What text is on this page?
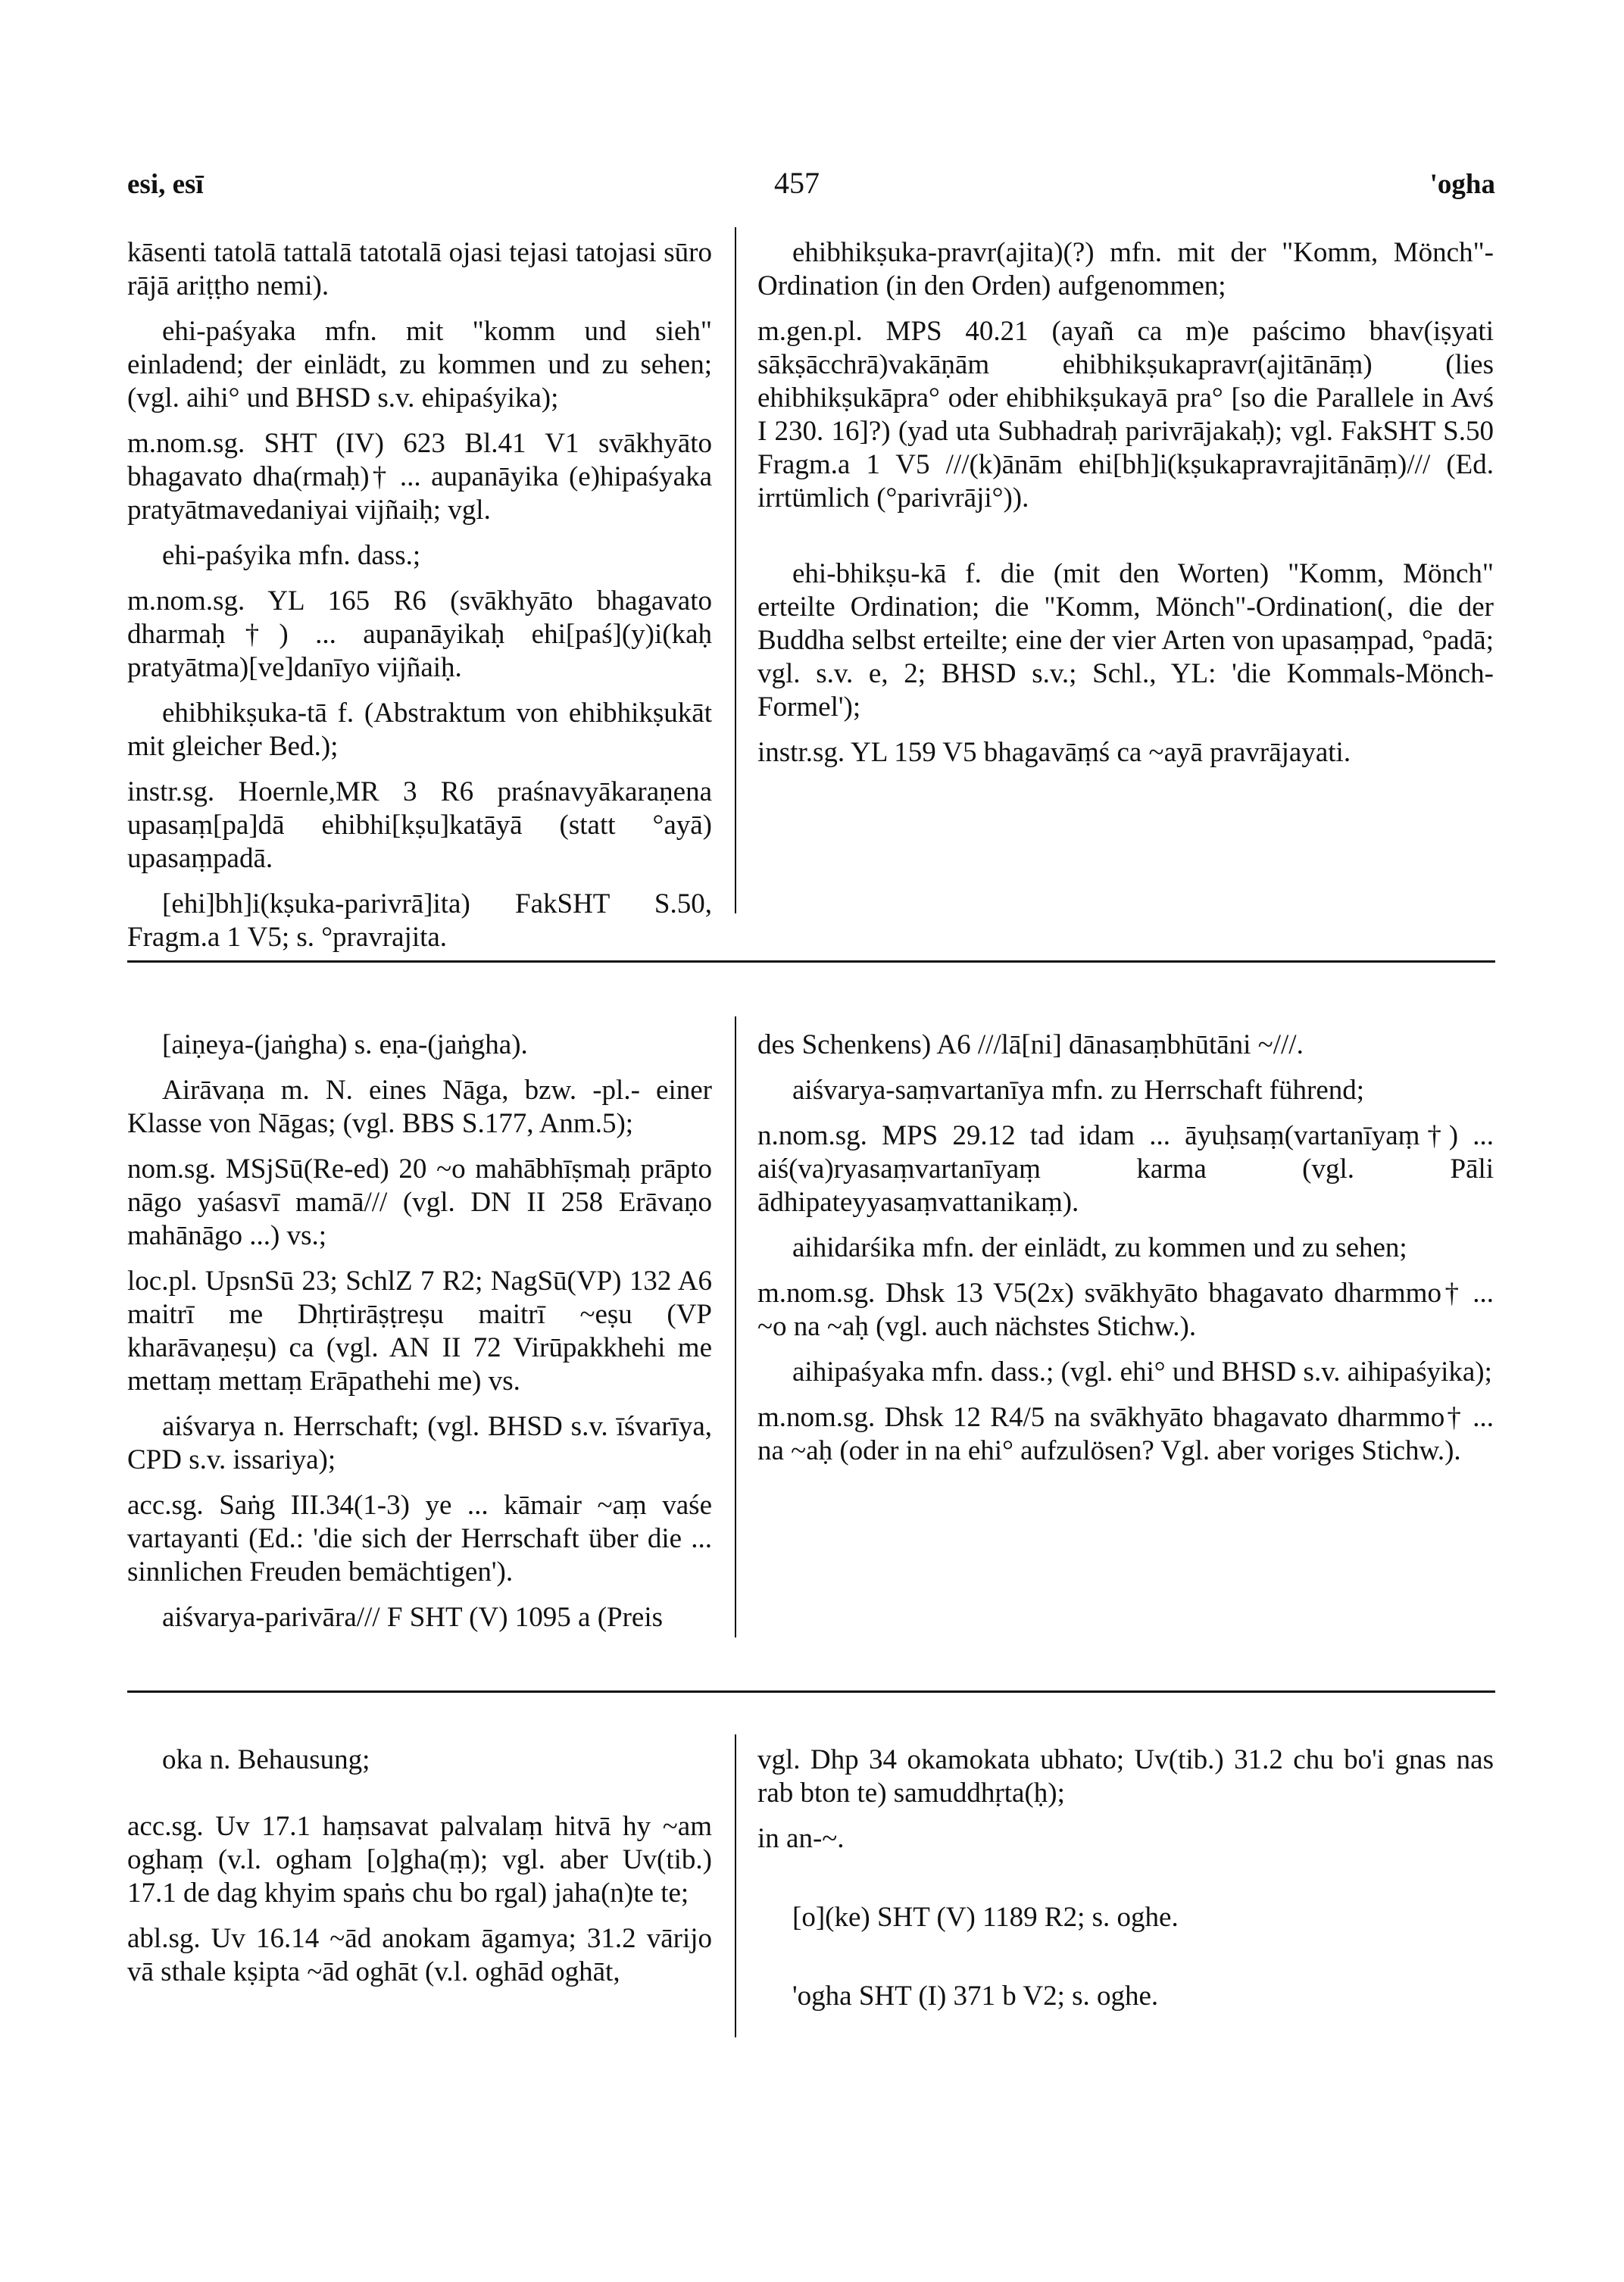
esi, esī	457	'ogha

kāsenti tatolā tattalā tatotalā ojasi tejasi tatojasi sūro rājā ariṭṭho nemi).

ehi-paśyaka mfn. mit "komm und sieh" einladend; der einlädt, zu kommen und zu sehen; (vgl. aihi° und BHSD s.v. ehipaśyika);

m.nom.sg. SHT (IV) 623 Bl.41 V1 svākhyāto bhagavato dha(rmaḥ)† ... aupanāyika (e)hipaśyaka pratyātmavedaniyai vijñaiḥ; vgl.

ehi-paśyika mfn. dass.;

m.nom.sg. YL 165 R6 (svākhyāto bhagavato dharmaḥ†) ... aupanāyikaḥ ehi[paś](y)i(kaḥ pratyātma)[ve]danīyo vijñaiḥ.

ehibhikṣuka-tā f. (Abstraktum von ehibhikṣukāt mit gleicher Bed.);

instr.sg. Hoernle,MR 3 R6 praśnavyākaraṇena upasaṃ[pa]dā ehibhi[kṣu]katāyā (statt °ayā) upasaṃpadā.

[ehi]bh]i(kṣuka-parivrā]ita) FakSHT S.50, Fragm.a 1 V5; s. °pravrajita.

ehibhikṣuka-pravr(ajita)(?) mfn. mit der "Komm, Mönch"-Ordination (in den Orden) aufgenommen;

m.gen.pl. MPS 40.21 (ayañ ca m)e paścimo bhav(iṣyati sākṣācchrā)vakāṇām ehibhikṣukapravr(ajitānāṃ) (lies ehibhikṣukāpra° oder ehibhikṣukayā pra° [so die Parallele in Avś I 230. 16]?) (yad uta Subhadraḥ parivrājakaḥ); vgl. FakSHT S.50 Fragm.a 1 V5 ///(k)ānām ehi[bh]i(kṣukapravrajitānāṃ)/// (Ed. irrtümlich (°parivrāji°)).

ehi-bhikṣu-kā f. die (mit den Worten) "Komm, Mönch" erteilte Ordination; die "Komm, Mönch"-Ordination(, die der Buddha selbst erteilte; eine der vier Arten von upasaṃpad, °padā; vgl. s.v. e, 2; BHSD s.v.; Schl., YL: 'die Kommals-Mönch-Formel');

instr.sg. YL 159 V5 bhagavāṃś ca ~ayā pravrājayati.

[aiṇeya-(jaṅgha) s. eṇa-(jaṅgha).

Airāvaṇa m. N. eines Nāga, bzw. -pl.- einer Klasse von Nāgas; (vgl. BBS S.177, Anm.5);

nom.sg. MSjSū(Re-ed) 20 ~o mahābhīṣmaḥ prāpto nāgo yaśasvī mamā/// (vgl. DN II 258 Erāvaṇo mahānāgo ...) vs.;

loc.pl. UpsnSū 23; SchlZ 7 R2; NagSū(VP) 132 A6 maitrī me Dhṛtirāṣṭreṣu maitrī ~eṣu (VP kharāvaṇeṣu) ca (vgl. AN II 72 Virūpakkhehi me mettaṃ mettaṃ Erāpathehi me) vs.

aiśvarya n. Herrschaft; (vgl. BHSD s.v. īśvarīya, CPD s.v. issariya);

acc.sg. Saṅg III.34(1-3) ye ... kāmair ~aṃ vaśe vartayanti (Ed.: 'die sich der Herrschaft über die ... sinnlichen Freuden bemächtigen').

aiśvarya-parivāra/// F SHT (V) 1095 a (Preis

des Schenkens) A6 ///lā[ni] dānasaṃbhūtāni ~///.

aiśvarya-saṃvartanīya mfn. zu Herrschaft führend;

n.nom.sg. MPS 29.12 tad idam ... āyuḥsaṃ(vartanīyaṃ†) ... aiś(va)ryasaṃvartanīyaṃ karma (vgl. Pāli ādhipateyyasaṃvattanikaṃ).

aihidarśika mfn. der einlädt, zu kommen und zu sehen;

m.nom.sg. Dhsk 13 V5(2x) svākhyāto bhagavato dharmmo† ... ~o na ~aḥ (vgl. auch nächstes Stichw.).

aihipaśyaka mfn. dass.; (vgl. ehi° und BHSD s.v. aihipaśyika);

m.nom.sg. Dhsk 12 R4/5 na svākhyāto bhagavato dharmmo† ... na ~aḥ (oder in na ehi° aufzulösen? Vgl. aber voriges Stichw.).

oka n. Behausung;

acc.sg. Uv 17.1 haṃsavat palvalaṃ hitvā hy ~am oghaṃ (v.l. ogham [o]gha(ṃ); vgl. aber Uv(tib.) 17.1 de dag khyim spaṅs chu bo rgal) jaha(n)te te;

abl.sg. Uv 16.14 ~ād anokam āgamya; 31.2 vārijo vā sthale kṣipta ~ād oghāt (v.l. oghād oghāt,

vgl. Dhp 34 okamokata ubhato; Uv(tib.) 31.2 chu bo'i gnas nas rab bton te) samuddhṛta(ḥ);

in an-~.

[o](ke) SHT (V) 1189 R2; s. oghe.

'ogha SHT (I) 371 b V2; s. oghe.
